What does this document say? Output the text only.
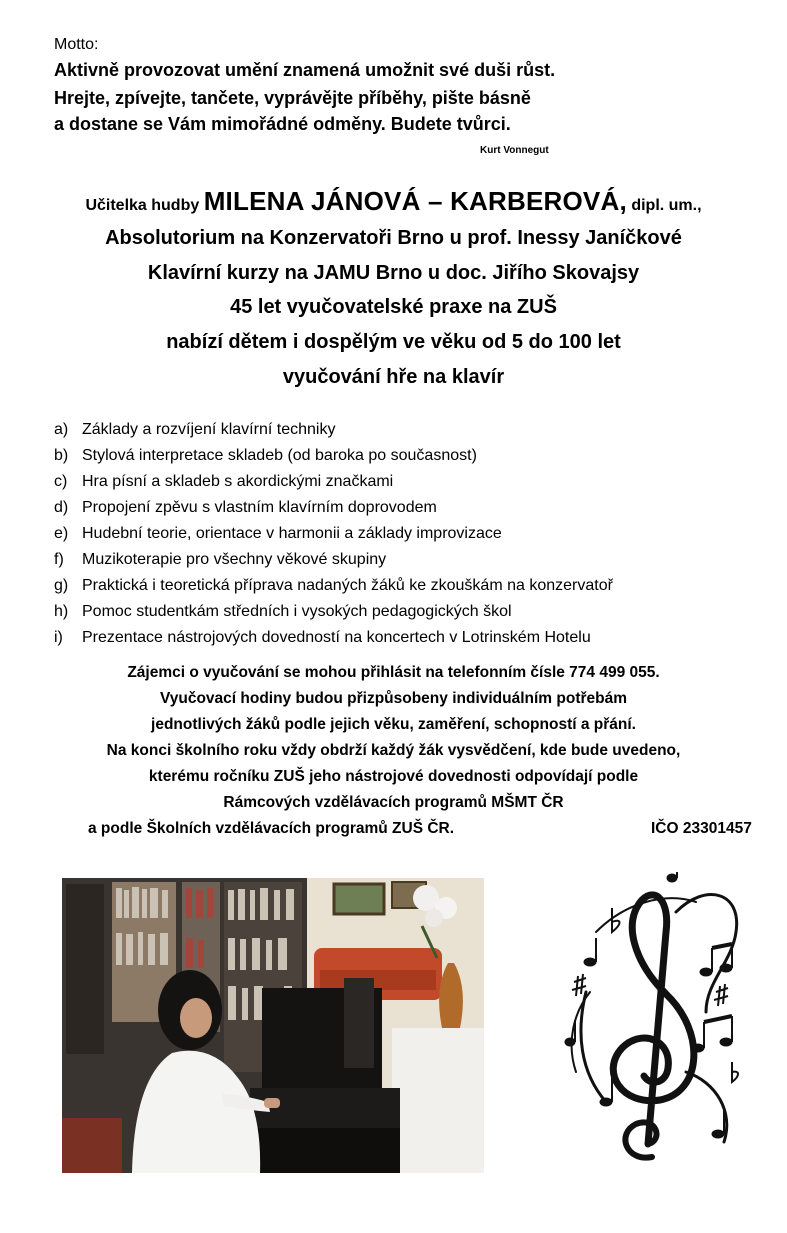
Motto:
Aktivně provozovat umění znamená umožnit své duši růst.
Hrejte, zpívejte, tančete, vyprávějte příběhy, pište básně
a dostane se Vám mimořádné odměny. Budete tvůrci.
Kurt Vonnegut
Učitelka hudby MILENA JÁNOVÁ – KARBEROVÁ, dipl. um.,
Absolutorium na Konzervatoři Brno u prof. Inessy Janíčkové
Klavírní kurzy na JAMU Brno u doc. Jiřího Skovajsy
45 let vyučovatelské praxe na ZUŠ
nabízí dětem i dospělým ve věku od 5 do 100 let
vyučování hře na klavír
a) Základy a rozvíjení klavírní techniky
b) Stylová interpretace skladeb (od baroka po současnost)
c) Hra písní a skladeb s akordickými značkami
d) Propojení zpěvu s vlastním klavírním doprovodem
e) Hudební teorie, orientace v harmonii a základy improvizace
f)	Muzikoterapie pro všechny věkové skupiny
g) Praktická i teoretická příprava nadaných žáků ke zkouškám na konzervatoř
h) Pomoc studentkám středních i vysokých pedagogických škol
i)	Prezentace nástrojových dovedností na koncertech v Lotrinském Hotelu
Zájemci o vyučování se mohou přihlásit na telefonním čísle 774 499 055.
Vyučovací hodiny budou přizpůsobeny individuálním potřebám
jednotlivých žáků podle jejich věku, zaměření, schopností a přání.
Na konci školního roku vždy obdrží každý žák vysvědčení, kde bude uvedeno,
kterému ročníku ZUŠ jeho nástrojové dovednosti odpovídají podle
Rámcových vzdělávacích programů MŠMT ČR
a podle Školních vzdělávacích programů ZUŠ ČR.	IČO 23301457
